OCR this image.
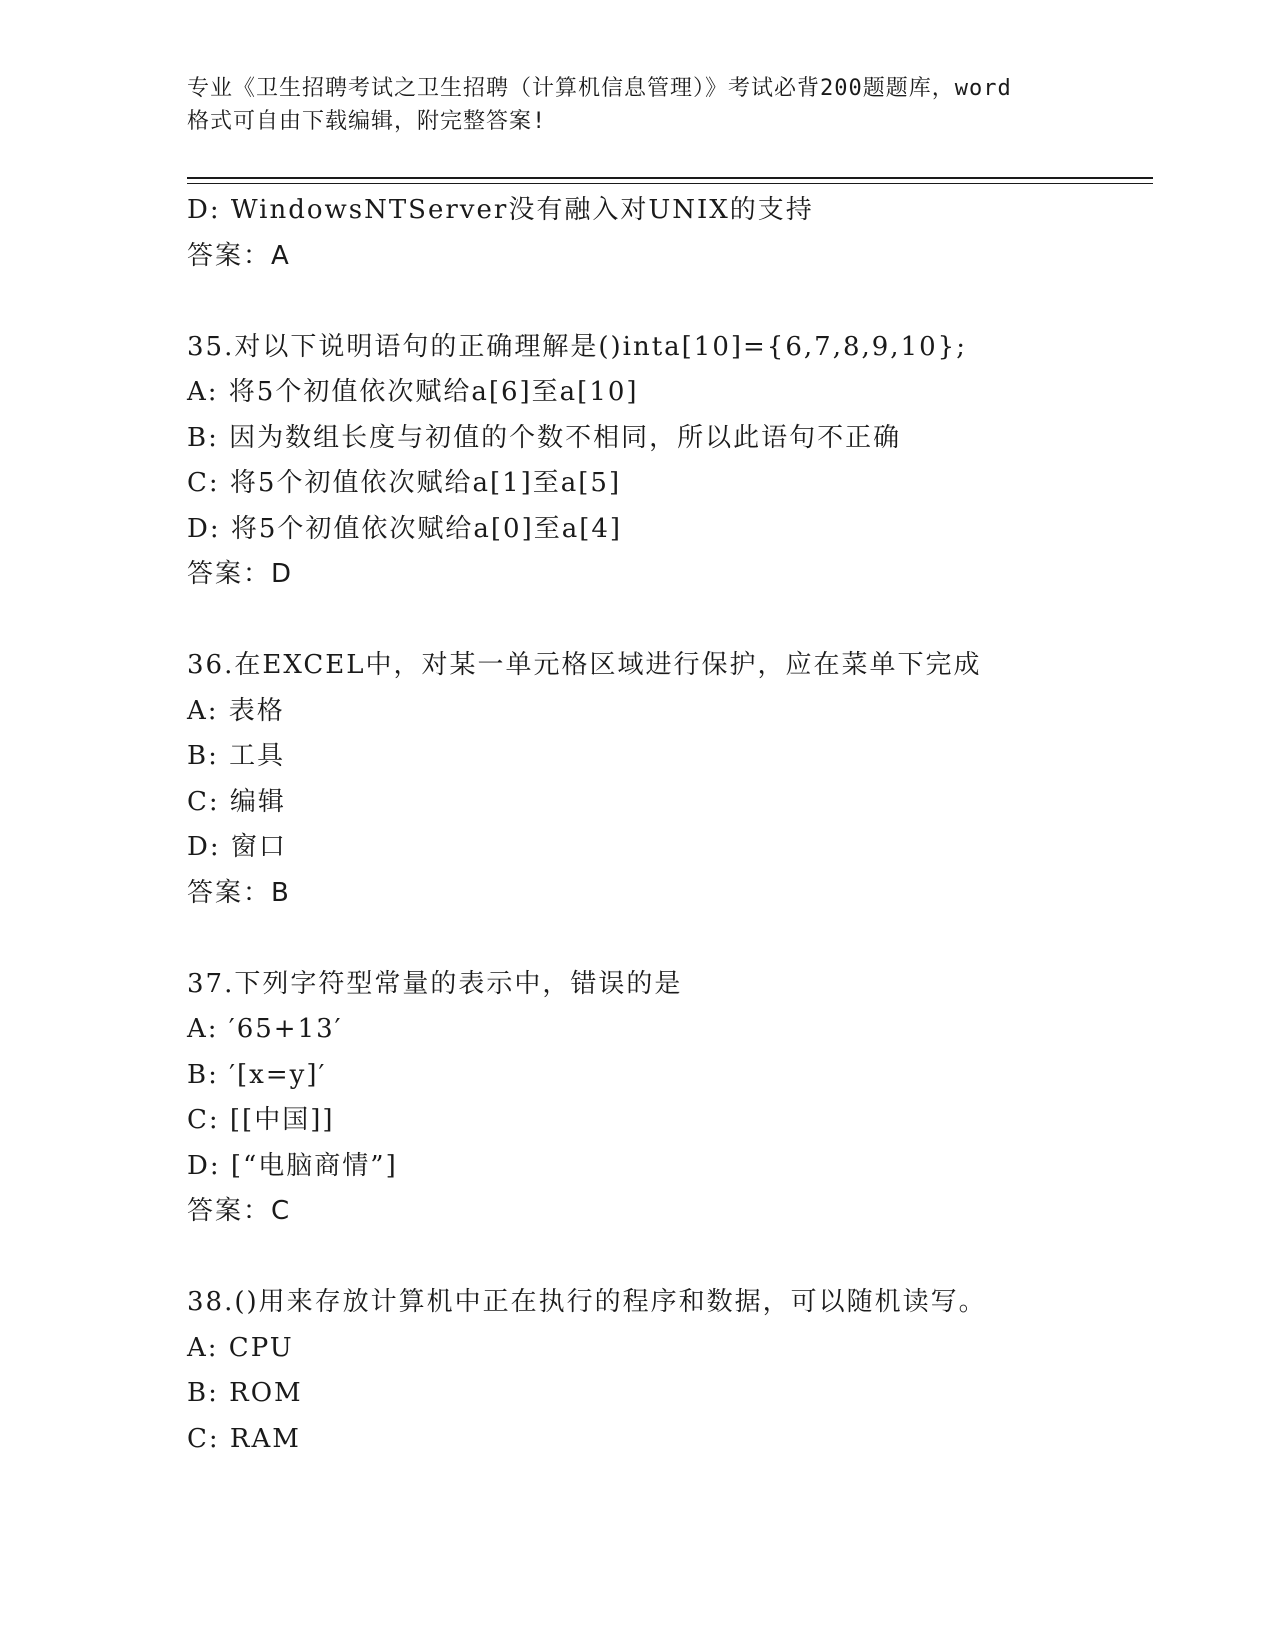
专业《卫生招聘考试之卫生招聘（计算机信息管理）》考试必背200题题库，word
格式可自由下载编辑，附完整答案!
D: WindowsNTServer没有融入对UNIX的支持
答案：A
35.对以下说明语句的正确理解是()inta[10]={6,7,8,9,10};
A: 将5个初值依次赋给a[6]至a[10]
B: 因为数组长度与初值的个数不相同，所以此语句不正确
C: 将5个初值依次赋给a[1]至a[5]
D: 将5个初值依次赋给a[0]至a[4]
答案：D
36.在EXCEL中，对某一单元格区域进行保护，应在菜单下完成
A: 表格
B: 工具
C: 编辑
D: 窗口
答案：B
37.下列字符型常量的表示中，错误的是
A: ′65+13′
B: ′[x=y]′
C: [[中国]]
D: [“电脑商情”]
答案：C
38.()用来存放计算机中正在执行的程序和数据，可以随机读写。
A: CPU
B: ROM
C: RAM
